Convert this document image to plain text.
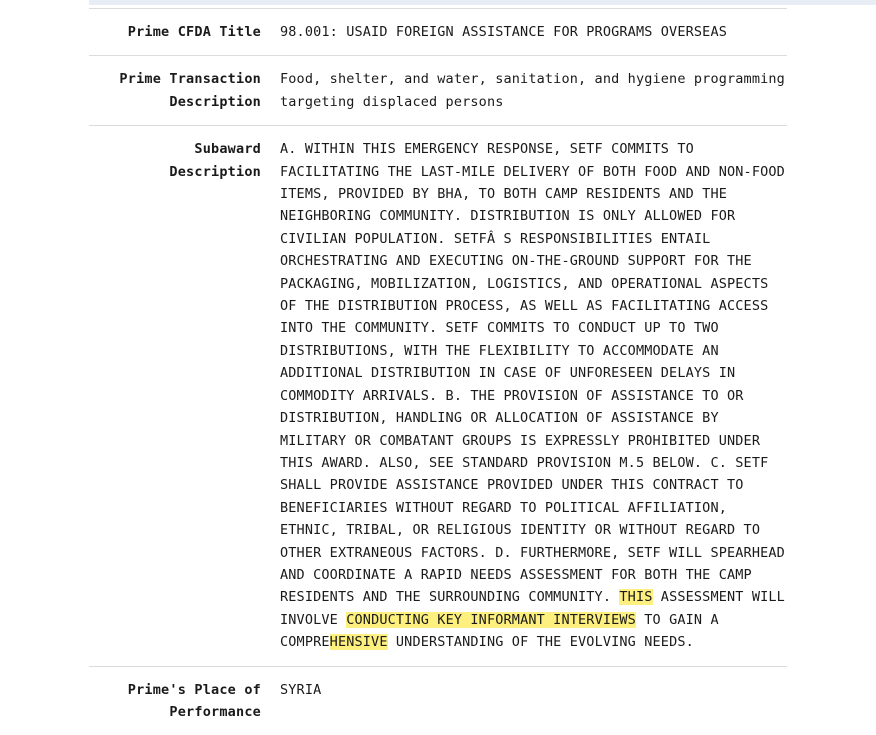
Prime CFDA Title 98.001: USAID FOREIGN ASSISTANCE FOR PROGRAMS OVERSEAS

Prime Transaction
Description

Food, shelter, and water, sanitation, and hygiene programming targeting displaced persons

Subaward
Description

A. WITHIN THIS EMERGENCY RESPONSE, SETF COMMITS TO FACILITATING THE LAST-MILE DELIVERY OF BOTH FOOD AND NON-FOOD ITEMS, PROVIDED BY BHA, TO BOTH CAMP RESIDENTS AND THE NEIGHBORING COMMUNITY. DISTRIBUTION IS ONLY ALLOWED FOR CIVILIAN POPULATION. SETFÂ S RESPONSIBILITIES ENTAIL ORCHESTRATING AND EXECUTING ON-THE-GROUND SUPPORT FOR THE PACKAGING, MOBILIZATION, LOGISTICS, AND OPERATIONAL ASPECTS OF THE DISTRIBUTION PROCESS, AS WELL AS FACILITATING ACCESS INTO THE COMMUNITY. SETF COMMITS TO CONDUCT UP TO TWO DISTRIBUTIONS, WITH THE FLEXIBILITY TO ACCOMMODATE AN ADDITIONAL DISTRIBUTION IN CASE OF UNFORESEEN DELAYS IN COMMODITY ARRIVALS. B. THE PROVISION OF ASSISTANCE TO OR DISTRIBUTION, HANDLING OR ALLOCATION OF ASSISTANCE BY MILITARY OR COMBATANT GROUPS IS EXPRESSLY PROHIBITED UNDER THIS AWARD. ALSO, SEE STANDARD PROVISION M.5 BELOW. C. SETF SHALL PROVIDE ASSISTANCE PROVIDED UNDER THIS CONTRACT TO BENEFICIARIES WITHOUT REGARD TO POLITICAL AFFILIATION, ETHNIC, TRIBAL, OR RELIGIOUS IDENTITY OR WITHOUT REGARD TO OTHER EXTRANEOUS FACTORS. D. FURTHERMORE, SETF WILL SPEARHEAD AND COORDINATE A RAPID NEEDS ASSESSMENT FOR BOTH THE CAMP RESIDENTS AND THE SURROUNDING COMMUNITY. THIS ASSESSMENT WILL INVOLVE CONDUCTING KEY INFORMANT INTERVIEWS TO GAIN A COMPREHENSIVE UNDERSTANDING OF THE EVOLVING NEEDS.

Prime's Place of
Performance

SYRIA
